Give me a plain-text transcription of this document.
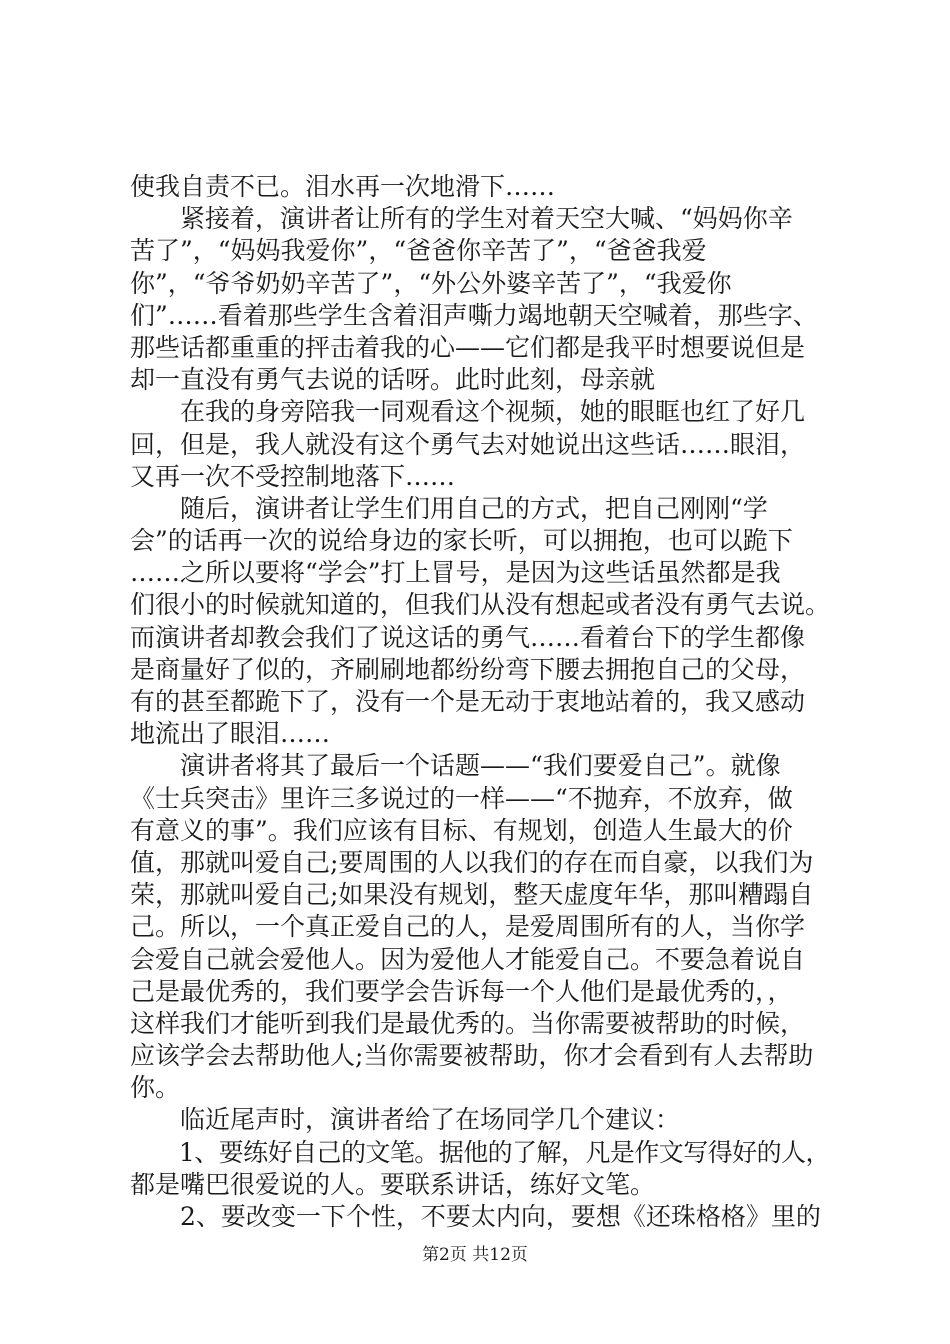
使我自责不已。泪水再一次地滑下……
　　紧接着，演讲者让所有的学生对着天空大喊、“妈妈你辛
苦了”，“妈妈我爱你”，“爸爸你辛苦了”，“爸爸我爱
你”，“爷爷奶奶辛苦了”，“外公外婆辛苦了”，“我爱你
们”……看着那些学生含着泪声嘶力竭地朝天空喊着，那些字、
那些话都重重的抨击着我的心——它们都是我平时想要说但是
却一直没有勇气去说的话呀。此时此刻，母亲就
　　在我的身旁陪我一同观看这个视频，她的眼眶也红了好几
回，但是，我人就没有这个勇气去对她说出这些话……眼泪，
又再一次不受控制地落下……
　　随后，演讲者让学生们用自己的方式，把自己刚刚“学
会”的话再一次的说给身边的家长听，可以拥抱，也可以跪下
……之所以要将“学会”打上冒号，是因为这些话虽然都是我
们很小的时候就知道的，但我们从没有想起或者没有勇气去说。
而演讲者却教会我们了说这话的勇气……看着台下的学生都像
是商量好了似的，齐刷刷地都纷纷弯下腰去拥抱自己的父母，
有的甚至都跪下了，没有一个是无动于衷地站着的，我又感动
地流出了眼泪……
　　演讲者将其了最后一个话题——“我们要爱自己”。就像
《士兵突击》里许三多说过的一样——“不抛弃，不放弃，做
有意义的事”。我们应该有目标、有规划，创造人生最大的价
值，那就叫爱自己;要周围的人以我们的存在而自豪，以我们为
荣，那就叫爱自己;如果没有规划，整天虚度年华，那叫糟蹋自
己。所以，一个真正爱自己的人，是爱周围所有的人，当你学
会爱自己就会爱他人。因为爱他人才能爱自己。不要急着说自
己是最优秀的，我们要学会告诉每一个人他们是最优秀的，，
这样我们才能听到我们是最优秀的。当你需要被帮助的时候，
应该学会去帮助他人;当你需要被帮助，你才会看到有人去帮助
你。
　　临近尾声时，演讲者给了在场同学几个建议：
　　1、要练好自己的文笔。据他的了解，凡是作文写得好的人，
都是嘴巴很爱说的人。要联系讲话，练好文笔。
　　2、要改变一下个性，不要太内向，要想《还珠格格》里的
第2页 共12页
